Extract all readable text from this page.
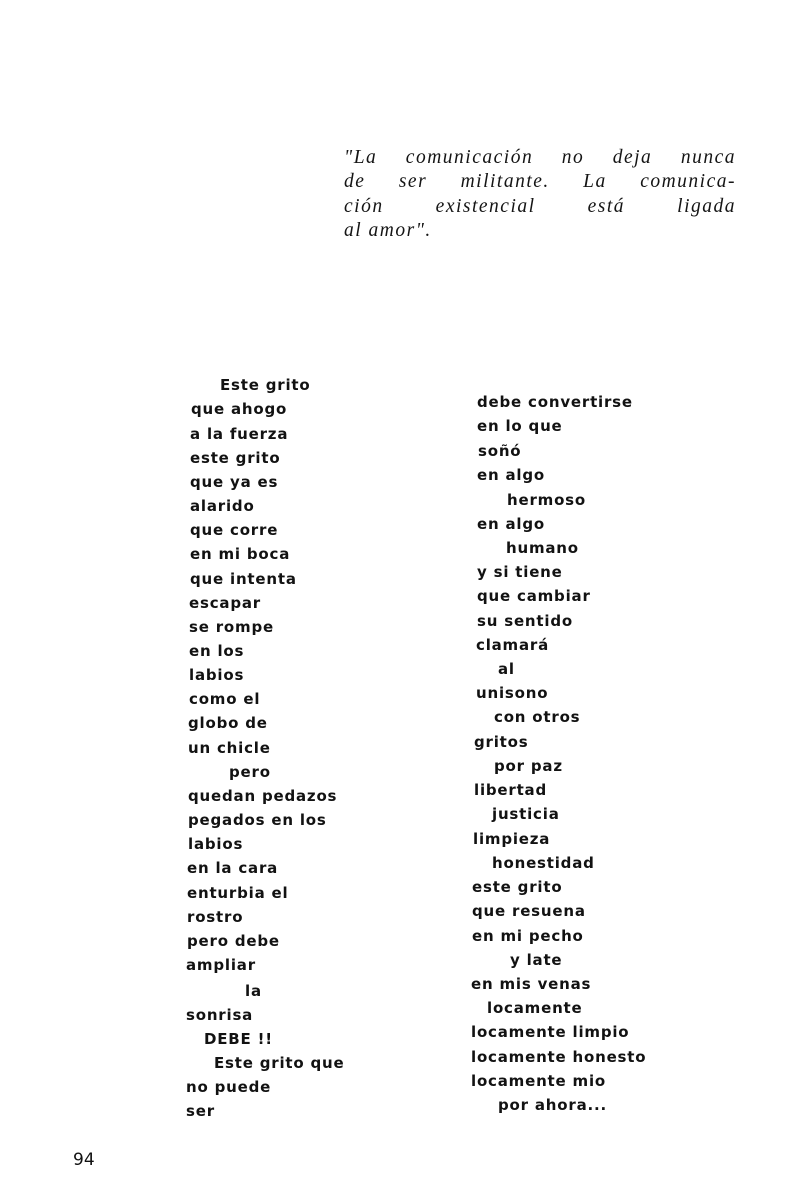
"La comunicación no deja nunca
de ser militante. La comunica-
ción existencial está ligada
al amor".
Este grito
que ahogo
a la fuerza
este grito
que ya es
alarido
que corre
en mi boca
que intenta
escapar
se rompe
en los
labios
como el
globo de
un chicle
pero
quedan pedazos
pegados en los
labios
en la cara
enturbia el
rostro
pero debe
ampliar
la
sonrisa
DEBE !!
Este grito que
no puede
ser
debe convertirse
en lo que
soñó
en algo
hermoso
en algo
humano
y si tiene
que cambiar
su sentido
clamará
al
unisono
con otros
gritos
por paz
libertad
justicia
limpieza
honestidad
este grito
que resuena
en mi pecho
y late
en mis venas
locamente
locamente limpio
locamente honesto
locamente mio
por ahora...
94
